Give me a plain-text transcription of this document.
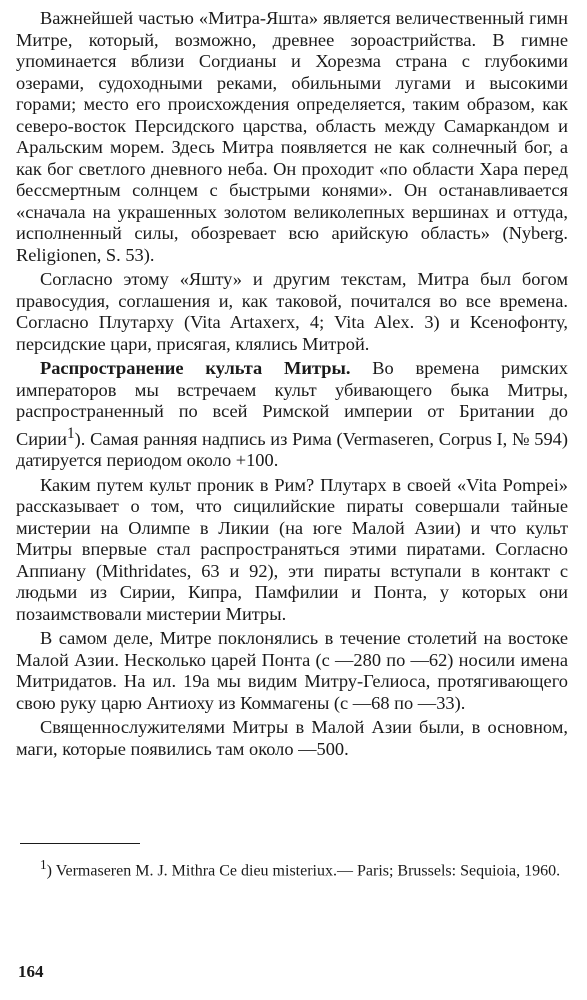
Важнейшей частью «Митра-Яшта» является величественный гимн Митре, который, возможно, древнее зороастрийства. В гимне упоминается вблизи Согдианы и Хорезма страна с глубокими озерами, судоходными реками, обильными лугами и высокими горами; место его происхождения определяется, таким образом, как северо-восток Персидского царства, область между Самаркандом и Аральским морем. Здесь Митра появляется не как солнечный бог, а как бог светлого дневного неба. Он проходит «по области Хара перед бессмертным солнцем с быстрыми конями». Он останавливается «сначала на украшенных золотом великолепных вершинах и оттуда, исполненный силы, обозревает всю арийскую область» (Nyberg. Religionen, S. 53).

Согласно этому «Яшту» и другим текстам, Митра был богом правосудия, соглашения и, как таковой, почитался во все времена. Согласно Плутарху (Vita Artaxerx, 4; Vita Alex. 3) и Ксенофонту, персидские цари, присягая, клялись Митрой.

Распространение культа Митры. Во времена римских императоров мы встречаем культ убивающего быка Митры, распространенный по всей Римской империи от Британии до Сирии$^1$). Самая ранняя надпись из Рима (Vermaseren, Corpus I, № 594) датируется периодом около +100.

Каким путем культ проник в Рим? Плутарх в своей «Vita Pompei» рассказывает о том, что сицилийские пираты совершали тайные мистерии на Олимпе в Ликии (на юге Малой Азии) и что культ Митры впервые стал распространяться этими пиратами. Согласно Аппиану (Mithridates, 63 и 92), эти пираты вступали в контакт с людьми из Сирии, Кипра, Памфилии и Понта, у которых они позаимствовали мистерии Митры.

В самом деле, Митре поклонялись в течение столетий на востоке Малой Азии. Несколько царей Понта (с —280 по —62) носили имена Митридатов. На ил. 19а мы видим Митру-Гелиоса, протягивающего свою руку царю Антиоху из Коммагены (с —68 по —33).

Священнослужителями Митры в Малой Азии были, в основном, маги, которые появились там около —500.

$^1$) Vermaseren M. J. Mithra Ce dieu misteriux.— Paris; Brussels: Sequioia, 1960.

164
